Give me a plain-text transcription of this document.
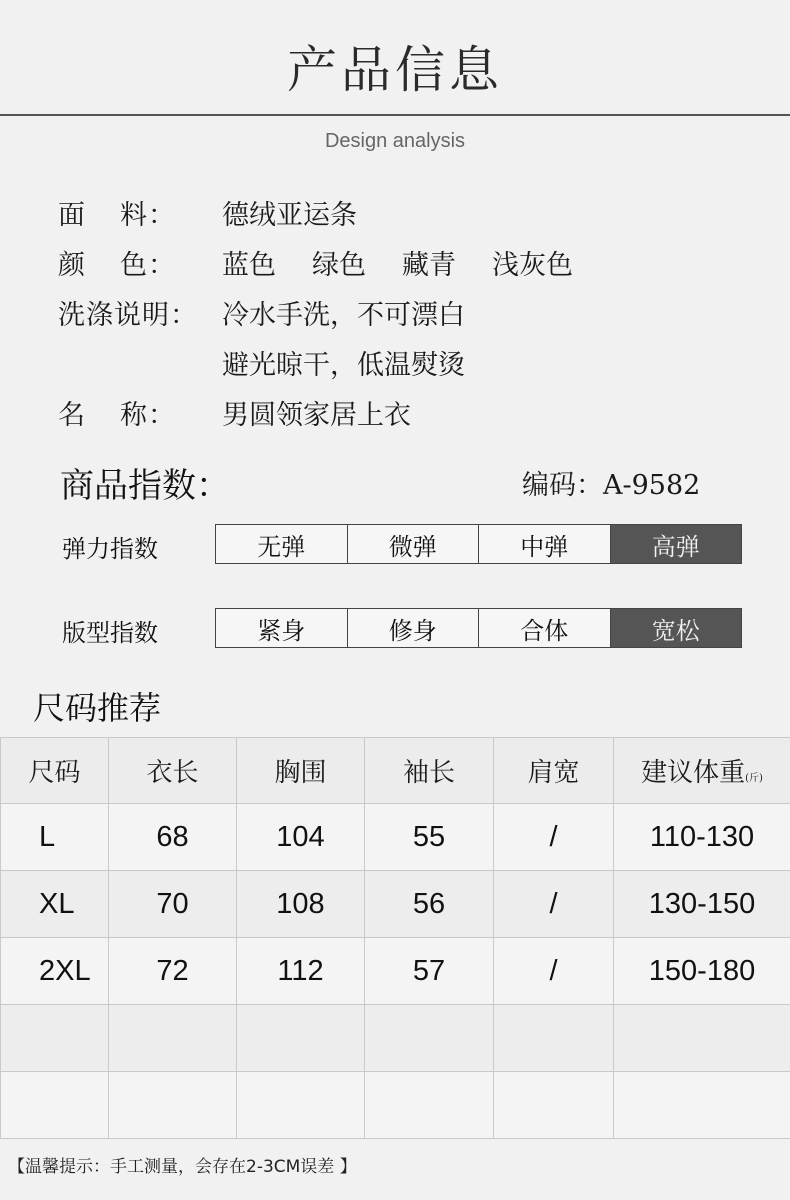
产品信息
Design analysis
面 料： 德绒亚运条
颜 色： 蓝色 绿色 藏青 浅灰色
洗涤说明： 冷水手洗，不可漂白
避光晾干，低温熨烫
名 称： 男圆领家居上衣
商品指数：	编码：A-9582
弹力指数	无弹	微弹	中弹	高弹
版型指数	紧身	修身	合体	宽松
尺码推荐
尺码	衣长	胸围	袖长	肩宽	建议体重(斤)
L	68	104	55	/	110-130
XL	70	108	56	/	130-150
2XL	72	112	57	/	150-180

【温馨提示：手工测量，会存在2-3CM误差 】
